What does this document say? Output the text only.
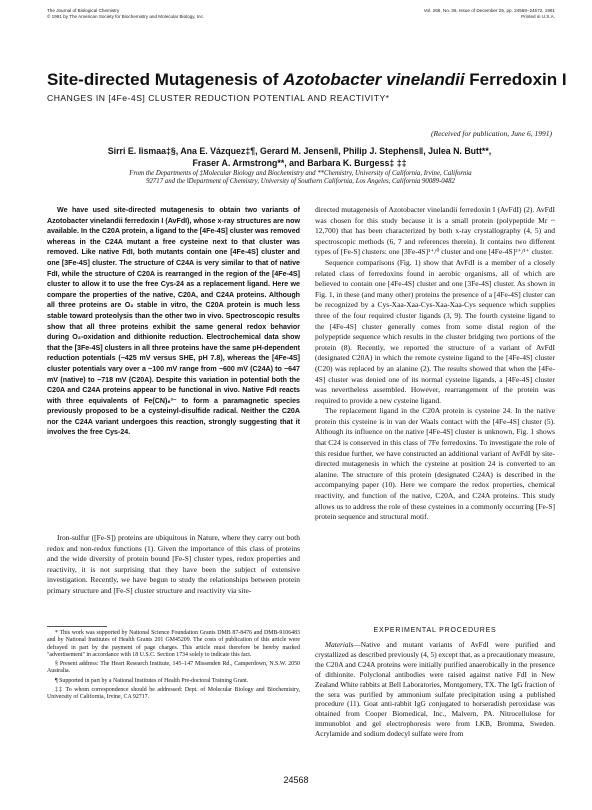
The Journal of Biological Chemistry
© 1991 by The American Society for Biochemistry and Molecular Biology, Inc.
Vol. 266, No. 36, Issue of December 25, pp. 24568–24572, 1991
Printed in U.S.A.
Site-directed Mutagenesis of Azotobacter vinelandii Ferredoxin I
CHANGES IN [4Fe-4S] CLUSTER REDUCTION POTENTIAL AND REACTIVITY*
(Received for publication, June 6, 1991)
Sirri E. Iismaa‡§, Ana E. Vázquez‡¶, Gerard M. Jensen‖, Philip J. Stephens‖, Julea N. Butt**,
Fraser A. Armstrong**, and Barbara K. Burgess‡ ‡‡
From the Departments of ‡Molecular Biology and Biochemistry and **Chemistry, University of California, Irvine, California
92717 and the ‖Department of Chemistry, University of Southern California, Los Angeles, California 90089-0482

We have used site-directed mutagenesis to obtain two variants of Azotobacter vinelandii ferredoxin I (AvFdI), whose x-ray structures are now available. In the C20A protein, a ligand to the [4Fe-4S] cluster was removed whereas in the C24A mutant a free cysteine next to that cluster was removed. Like native FdI, both mutants contain one [4Fe-4S] cluster and one [3Fe-4S] cluster. The structure of C24A is very similar to that of native FdI, while the structure of C20A is rearranged in the region of the [4Fe-4S] cluster to allow it to use the free Cys-24 as a replacement ligand. Here we compare the properties of the native, C20A, and C24A proteins. Although all three proteins are O₂ stable in vitro, the C20A protein is much less stable toward proteolysis than the other two in vivo. Spectroscopic results show that all three proteins exhibit the same general redox behavior during O₂-oxidation and dithionite reduction. Electrochemical data show that the [3Fe-4S] clusters in all three proteins have the same pH-dependent reduction potentials (−425 mV versus SHE, pH 7.8), whereas the [4Fe-4S] cluster potentials vary over a ~100 mV range from −600 mV (C24A) to −647 mV (native) to −718 mV (C20A). Despite this variation in potential both the C20A and C24A proteins appear to be functional in vivo. Native FdI reacts with three equivalents of Fe(CN)₆³⁻ to form a paramagnetic species previously proposed to be a cysteinyl-disulfide radical. Neither the C20A nor the C24A variant undergoes this reaction, strongly suggesting that it involves the free Cys-24.

Iron-sulfur ([Fe-S]) proteins are ubiquitous in Nature, where they carry out both redox and non-redox functions (1). Given the importance of this class of proteins and the wide diversity of protein bound [Fe-S] cluster types, redox properties and reactivity, it is not surprising that they have been the subject of extensive investigation. Recently, we have begun to study the relationships between protein primary structure and [Fe-S] cluster structure and reactivity via site-

* This work was supported by National Science Foundation Grants DMB 87-8476 and DMB-9106483 and by National Institutes of Health Grants 201 GM45209. The costs of publication of this article were defrayed in part by the payment of page charges. This article must therefore be hereby marked "advertisement" in accordance with 18 U.S.C. Section 1734 solely to indicate this fact.

§ Present address: The Heart Research Institute, 145–147 Missenden Rd., Camperdown, N.S.W. 2050 Australia.

¶ Supported in part by a National Institutes of Health Pre-doctoral Training Grant.

‡‡ To whom correspondence should be addressed: Dept. of Molecular Biology and Biochemistry, University of California, Irvine, CA 92717.

directed mutagenesis of Azotobacter vinelandii ferredoxin I (AvFdI) (2). AvFdI was chosen for this study because it is a small protein (polypeptide Mr ~ 12,700) that has been characterized by both x-ray crystallography (4, 5) and spectroscopic methods (6, 7 and references therein). It contains two different types of [Fe-S] clusters: one [3Fe-4S]¹⁺/⁰ cluster and one [4Fe-4S]²⁺/¹⁺ cluster.

Sequence comparisons (Fig. 1) show that AvFdI is a member of a closely related class of ferredoxins found in aerobic organisms, all of which are believed to contain one [4Fe-4S] cluster and one [3Fe-4S] cluster. As shown in Fig. 1, in these (and many other) proteins the presence of a [4Fe-4S] cluster can be recognized by a Cys-Xaa-Xaa-Cys-Xaa-Xaa-Cys sequence which supplies three of the four required cluster ligands (3, 9). The fourth cysteine ligand to the [4Fe-4S] cluster generally comes from some distal region of the polypeptide sequence which results in the cluster bridging two portions of the protein (8). Recently, we reported the structure of a variant of AvFdI (designated C20A) in which the remote cysteine ligand to the [4Fe-4S] cluster (C20) was replaced by an alanine (2). The results showed that when the [4Fe-4S] cluster was denied one of its normal cysteine ligands, a [4Fe-4S] cluster was nevertheless assembled. However, rearrangement of the protein was required to provide a new cysteine ligand.

The replacement ligand in the C20A protein is cysteine 24. In the native protein this cysteine is in van der Waals contact with the [4Fe-4S] cluster (5). Although its influence on the native [4Fe-4S] cluster is unknown, Fig. 1 shows that C24 is conserved in this class of 7Fe ferredoxins. To investigate the role of this residue further, we have constructed an additional variant of AvFdI by site-directed mutagenesis in which the cysteine at position 24 is converted to an alanine. The structure of this protein (designated C24A) is described in the accompanying paper (10). Here we compare the redox properties, chemical reactivity, and function of the native, C20A, and C24A proteins. This study allows us to address the role of these cysteines in a commonly occurring [Fe-S] protein sequence and structural motif.

EXPERIMENTAL PROCEDURES

Materials—Native and mutant variants of AvFdI were purified and crystallized as described previously (4, 5) except that, as a precautionary measure, the C20A and C24A proteins were initially purified anaerobically in the presence of dithionite. Polyclonal antibodies were raised against native FdI in New Zealand White rabbits at Bell Laboratories, Montgomery, TX. The IgG fraction of the sera was purified by ammonium sulfate precipitation using a published procedure (11). Goat anti-rabbit IgG conjugated to horseradish peroxidase was obtained from Cooper Biomedical, Inc., Malvern, PA. Nitrocellulose for immunoblot and gel electrophoresis were from LKB, Bromma, Sweden. Acrylamide and sodium dodecyl sulfate were from

24568
